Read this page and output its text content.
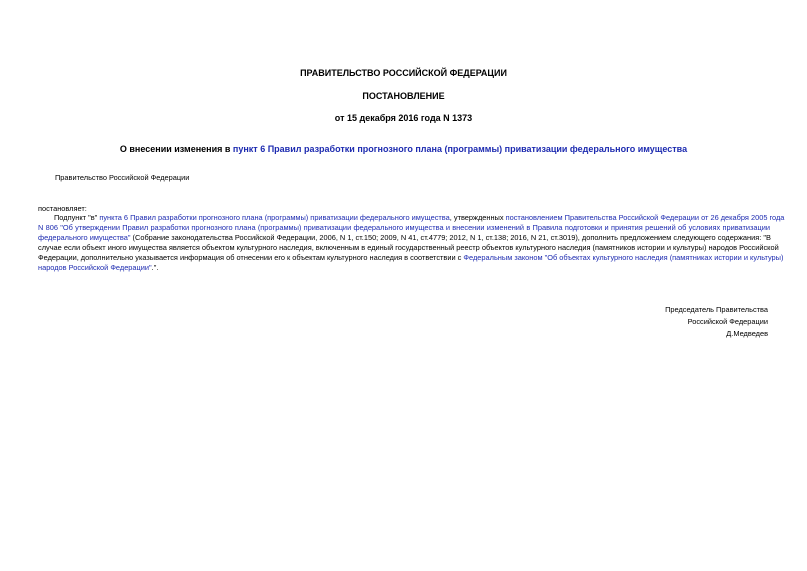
ПРАВИТЕЛЬСТВО РОССИЙСКОЙ ФЕДЕРАЦИИ
ПОСТАНОВЛЕНИЕ
от 15 декабря 2016 года N 1373
О внесении изменения в пункт 6 Правил разработки прогнозного плана (программы) приватизации федерального имущества
Правительство Российской Федерации
постановляет:
Подпункт "в" пункта 6 Правил разработки прогнозного плана (программы) приватизации федерального имущества, утвержденных постановлением Правительства Российской Федерации от 26 декабря 2005 года
N 806 "Об утверждении Правил разработки прогнозного плана (программы) приватизации федерального имущества и внесении изменений в Правила подготовки и принятия решений об условиях приватизации
федерального имущества" (Собрание законодательства Российской Федерации, 2006, N 1, ст.150; 2009, N 41, ст.4779; 2012, N 1, ст.138; 2016, N 21, ст.3019), дополнить предложением следующего содержания: "В
случае если объект иного имущества является объектом культурного наследия, включенным в единый государственный реестр объектов культурного наследия (памятников истории и культуры) народов Российской
Федерации, дополнительно указывается информация об отнесении его к объектам культурного наследия в соответствии с Федеральным законом "Об объектах культурного наследия (памятниках истории и культуры)
народов Российской Федерации".".
Председатель Правительства
Российской Федерации
Д.Медведев
